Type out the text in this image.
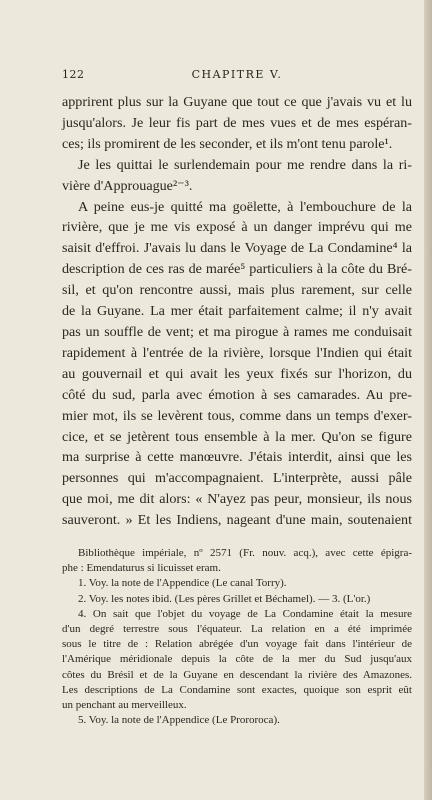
122	CHAPITRE V.

apprirent plus sur la Guyane que tout ce que j'avais vu et lu
jusqu'alors. Je leur fis part de mes vues et de mes espéran-
ces; ils promirent de les seconder, et ils m'ont tenu parole¹.

Je les quittai le surlendemain pour me rendre dans la ri-
vière d'Approuague²⁻³.

A peine eus-je quitté ma goëlette, à l'embouchure de la
rivière, que je me vis exposé à un danger imprévu qui me
saisit d'effroi. J'avais lu dans le Voyage de La Condamine⁴ la
description de ces ras de marée⁵ particuliers à la côte du Bré-
sil, et qu'on rencontre aussi, mais plus rarement, sur celle
de la Guyane. La mer était parfaitement calme; il n'y avait
pas un souffle de vent; et ma pirogue à rames me conduisait
rapidement à l'entrée de la rivière, lorsque l'Indien qui était
au gouvernail et qui avait les yeux fixés sur l'horizon, du
côté du sud, parla avec émotion à ses camarades. Au pre-
mier mot, ils se levèrent tous, comme dans un temps d'exer-
cice, et se jetèrent tous ensemble à la mer. Qu'on se figure
ma surprise à cette manœuvre. J'étais interdit, ainsi que les
personnes qui m'accompagnaient. L'interprète, aussi pâle
que moi, me dit alors: « N'ayez pas peur, monsieur, ils nous
sauveront. » Et les Indiens, nageant d'une main, soutenaient

Bibliothèque impériale, nº 2571 (Fr. nouv. acq.), avec cette épigra-
phe : Emendaturus si licuisset eram.
1. Voy. la note de l'Appendice (Le canal Torry).
2. Voy. les notes ibid. (Les pères Grillet et Béchamel). — 3. (L'or.)
4. On sait que l'objet du voyage de La Condamine était la mesure
d'un degré terrestre sous l'équateur. La relation en a été imprimée
sous le titre de : Relation abrégée d'un voyage fait dans l'intérieur de
l'Amérique méridionale depuis la côte de la mer du Sud jusqu'aux
côtes du Brésil et de la Guyane en descendant la rivière des Amazones.
Les descriptions de La Condamine sont exactes, quoique son esprit eût
un penchant au merveilleux.
5. Voy. la note de l'Appendice (Le Prororoca).
